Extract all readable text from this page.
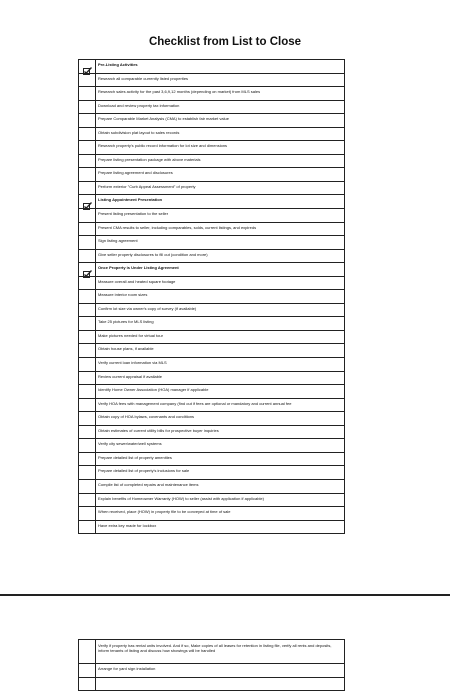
Checklist from List to Close
Pre-Listing Activities
Research all comparable currently listed properties
Research sales activity for the past 3,6,9,12 months (depending on market) from MLS sales
Download and review property tax information
Prepare Comparable Market Analysis (CMA) to establish fair market value
Obtain subdivision plat layout to sales records
Research property's public record information for lot size and dimensions
Prepare listing presentation package with above materials
Prepare listing agreement and disclosures
Perform exterior "Curb Appeal Assessment" of property
Listing Appointment Presentation
Present listing presentation to the seller
Present CMA results to seller, including comparables, solds, current listings, and expireds
Sign listing agreement
Give seller property disclosures to fill out (condition and more)
Once Property is Under Listing Agreement
Measure overall and heated square footage
Measure interior room sizes
Confirm lot size via owner's copy of survey (if available)
Take 25 pictures for MLS listing
Make pictures needed for virtual tour
Obtain house plans, if available
Verify current loan information via MLS
Review current appraisal if available
Identify Home Owner Association (HOA) manager if applicable
Verify HOA fees with management company (find out if fees are optional or mandatory and current annual fee
Obtain copy of HOA bylaws, covenants and conditions
Obtain estimates of current utility bills for prospective buyer inquiries
Verify city sewer/water/well systems
Prepare detailed list of property amenities
Prepare detailed list of property's inclusions for sale
Compile list of completed repairs and maintenance items
Explain benefits of Homeowner Warranty (HOW) to seller (assist with application if applicable)
When received, place (HOW) in property file to be conveyed at time of sale
Have extra key made for lockbox
Verify if property has rental units involved. And if so, Make copies of all leases for retention in listing file, verify all rents and deposits, inform tenants of listing and discuss how showings will be handled
Arrange for yard sign installation
